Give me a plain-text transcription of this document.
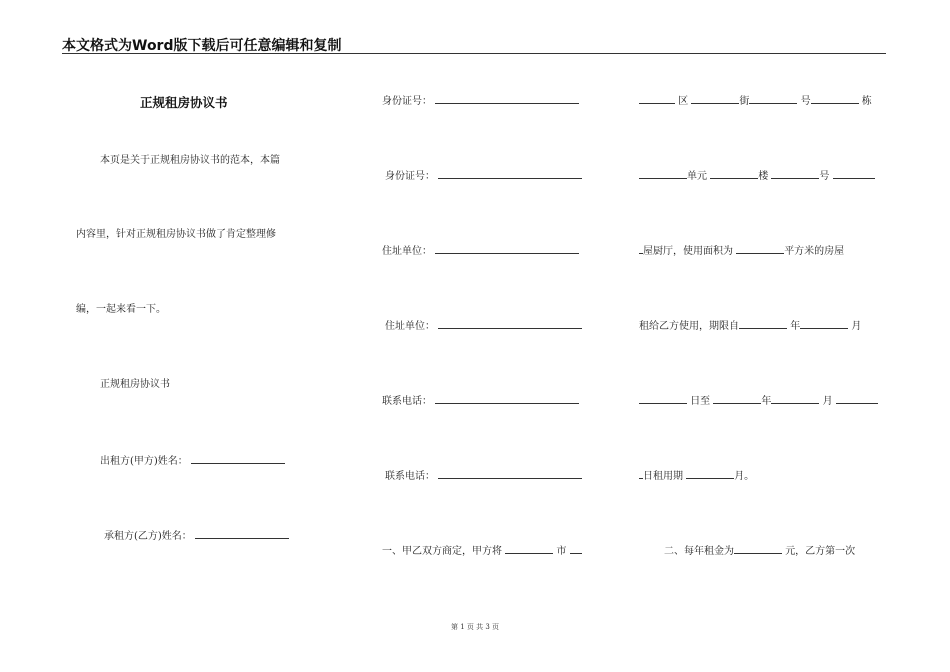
本文格式为Word版下载后可任意编辑和复制
正规租房协议书
本页是关于正规租房协议书的范本，本篇
内容里，针对正规租房协议书做了肯定整理修
编，一起来看一下。
正规租房协议书
出租方(甲方)姓名：
承租方(乙方)姓名：
身份证号：
身份证号：
住址单位：
住址单位：
联系电话：
联系电话：
一、甲乙双方商定，甲方将	市
区	街	号	栋
单元	楼	号
屋厨厅，使用面积为	平方米的房屋
租给乙方使用，期限自	年	月
日至	年	月
日租用期	月。
二、每年租金为	元，乙方第一次
第 1 页 共 3 页
